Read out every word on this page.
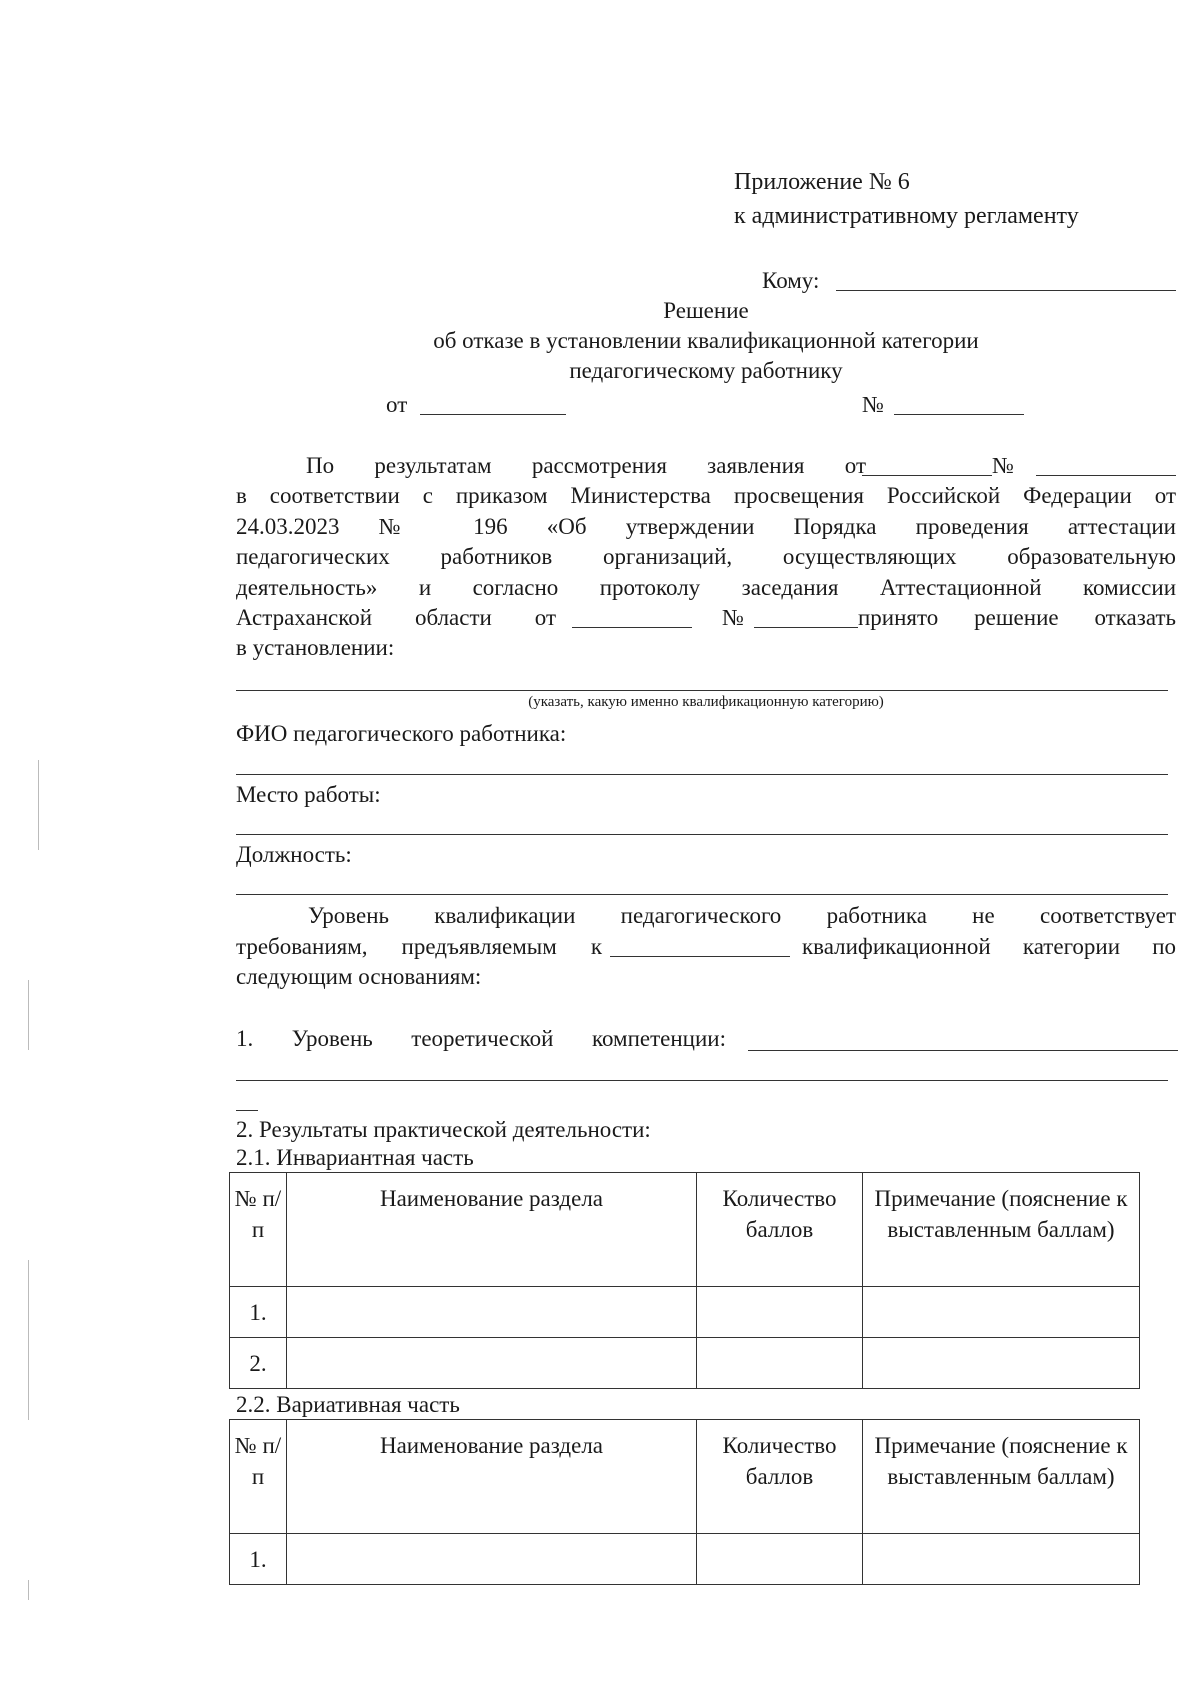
Приложение № 6
к административному регламенту
Кому:
Решение
об отказе в установлении квалификационной категории
педагогическому работнику
от	№
По результатам рассмотрения заявления от	№
в соответствии с приказом Министерства просвещения Российской Федерации от
24.03.2023 № 196 «Об утверждении Порядка проведения аттестации
педагогических работников организаций, осуществляющих образовательную
деятельность» и согласно протоколу заседания Аттестационной комиссии
Астраханской области от	№	принято решение отказать
в установлении:
(указать, какую именно квалификационную категорию)
ФИО педагогического работника:
Место работы:
Должность:
Уровень квалификации педагогического работника не соответствует
требованиям, предъявляемым к	квалификационной категории по
следующим основаниям:
1. Уровень теоретической компетенции:
2. Результаты практической деятельности:
2.1. Инвариантная часть
№ п/п	Наименование раздела	Количество баллов	Примечание (пояснение к выставленным баллам)
1.			
2.			
2.2. Вариативная часть
№ п/п	Наименование раздела	Количество баллов	Примечание (пояснение к выставленным баллам)
1.			
